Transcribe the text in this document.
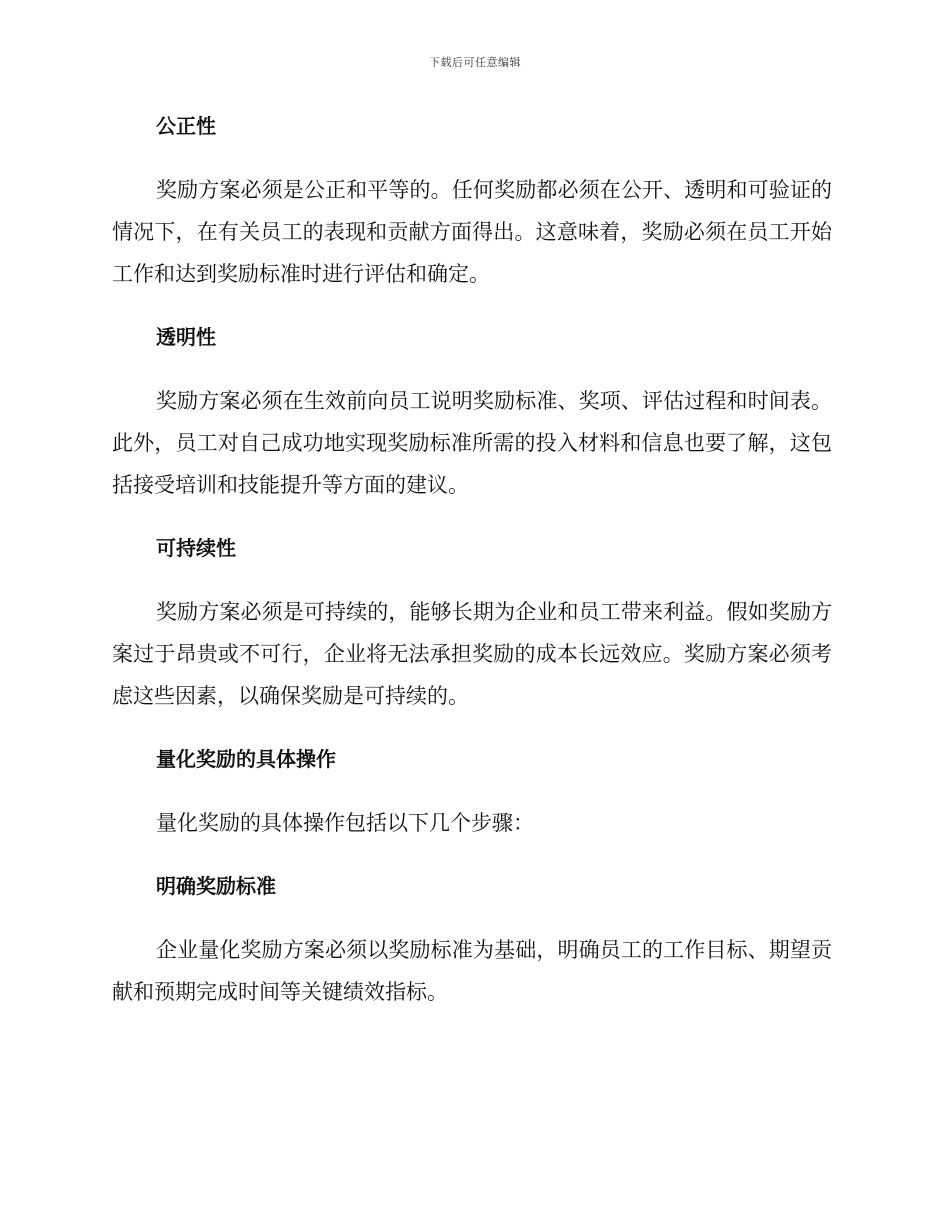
下载后可任意编辑
公正性

奖励方案必须是公正和平等的。任何奖励都必须在公开、透明和可验证的情况下，在有关员工的表现和贡献方面得出。这意味着，奖励必须在员工开始工作和达到奖励标准时进行评估和确定。

透明性

奖励方案必须在生效前向员工说明奖励标准、奖项、评估过程和时间表。此外，员工对自己成功地实现奖励标准所需的投入材料和信息也要了解，这包括接受培训和技能提升等方面的建议。

可持续性

奖励方案必须是可持续的，能够长期为企业和员工带来利益。假如奖励方案过于昂贵或不可行，企业将无法承担奖励的成本长远效应。奖励方案必须考虑这些因素，以确保奖励是可持续的。

量化奖励的具体操作

量化奖励的具体操作包括以下几个步骤：

明确奖励标准

企业量化奖励方案必须以奖励标准为基础，明确员工的工作目标、期望贡献和预期完成时间等关键绩效指标。
